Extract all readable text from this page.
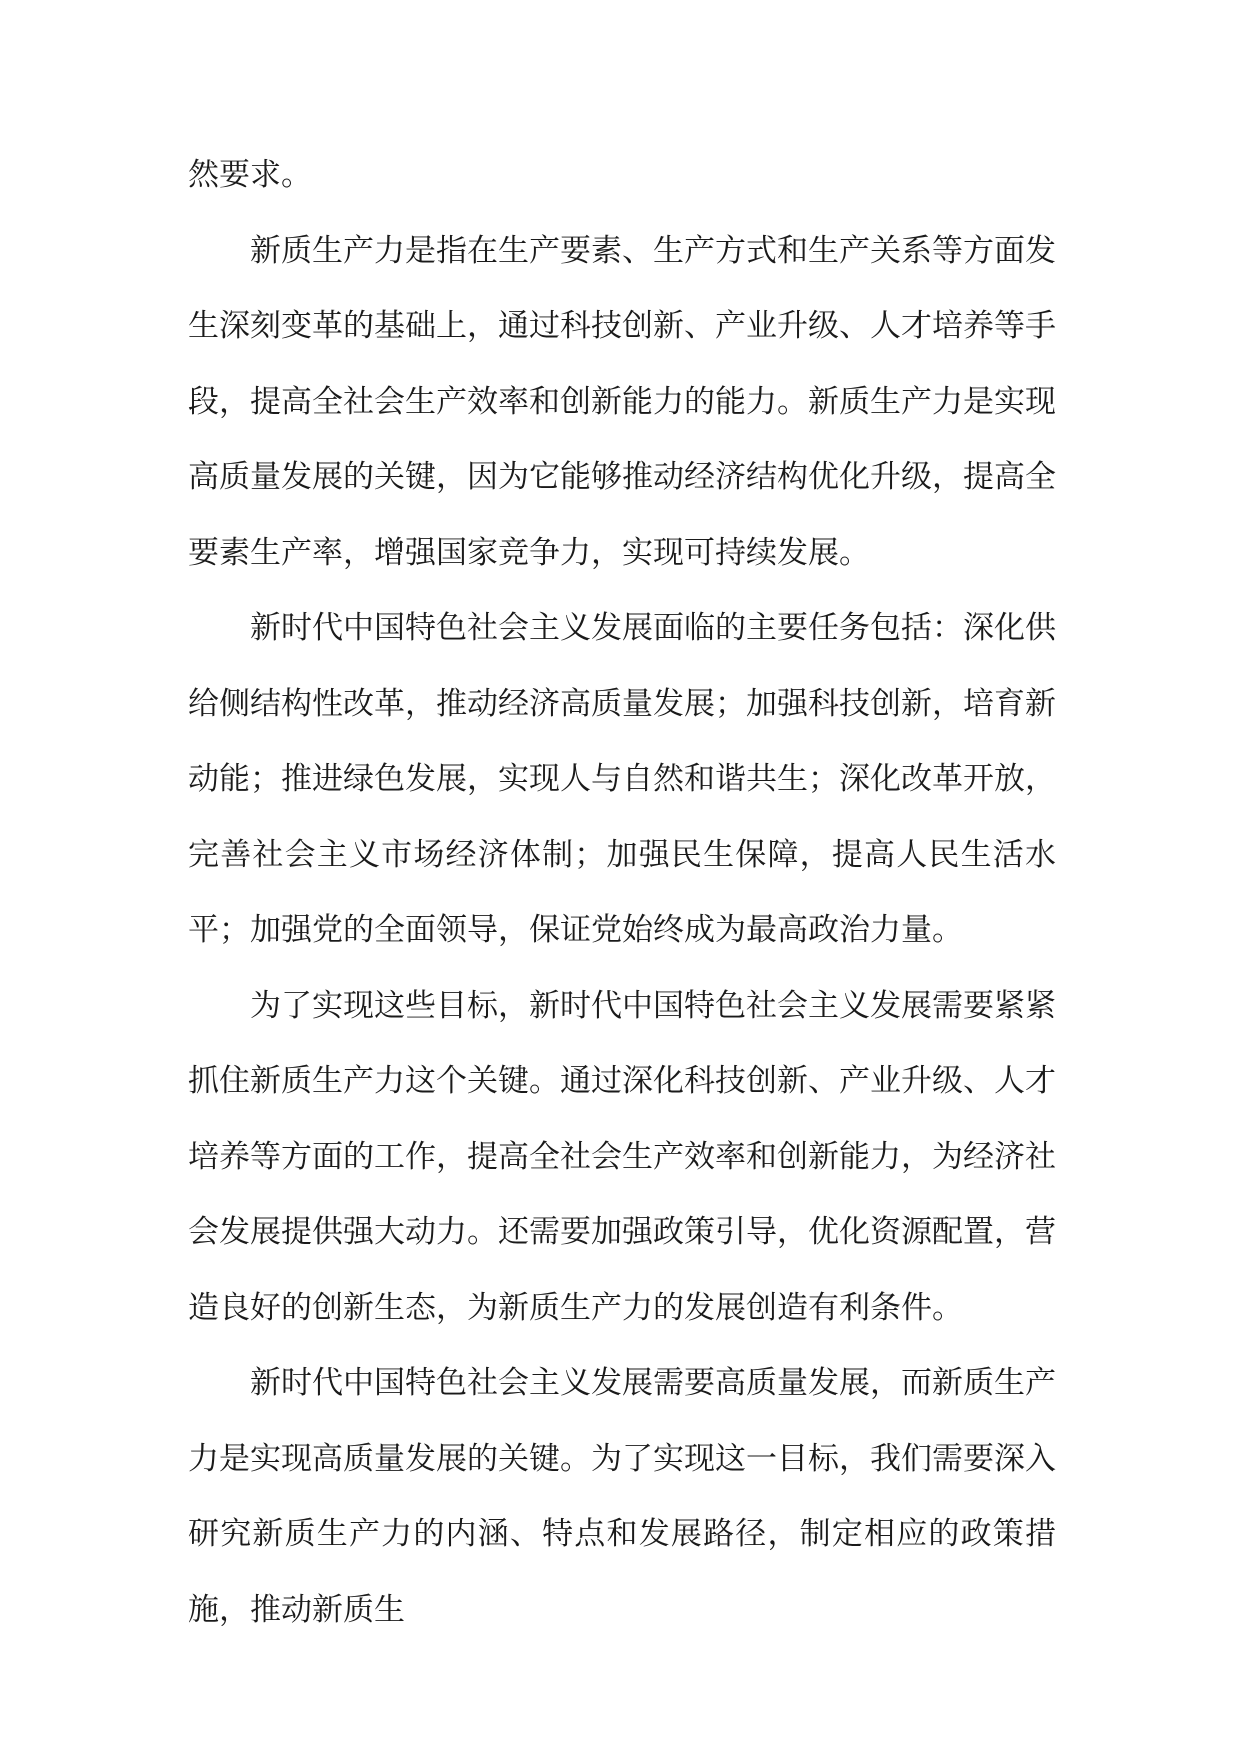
然要求。

新质生产力是指在生产要素、生产方式和生产关系等方面发生深刻变革的基础上，通过科技创新、产业升级、人才培养等手段，提高全社会生产效率和创新能力的能力。新质生产力是实现高质量发展的关键，因为它能够推动经济结构优化升级，提高全要素生产率，增强国家竞争力，实现可持续发展。

新时代中国特色社会主义发展面临的主要任务包括：深化供给侧结构性改革，推动经济高质量发展；加强科技创新，培育新动能；推进绿色发展，实现人与自然和谐共生；深化改革开放，完善社会主义市场经济体制；加强民生保障，提高人民生活水平；加强党的全面领导，保证党始终成为最高政治力量。

为了实现这些目标，新时代中国特色社会主义发展需要紧紧抓住新质生产力这个关键。通过深化科技创新、产业升级、人才培养等方面的工作，提高全社会生产效率和创新能力，为经济社会发展提供强大动力。还需要加强政策引导，优化资源配置，营造良好的创新生态，为新质生产力的发展创造有利条件。

新时代中国特色社会主义发展需要高质量发展，而新质生产力是实现高质量发展的关键。为了实现这一目标，我们需要深入研究新质生产力的内涵、特点和发展路径，制定相应的政策措施，推动新质生
